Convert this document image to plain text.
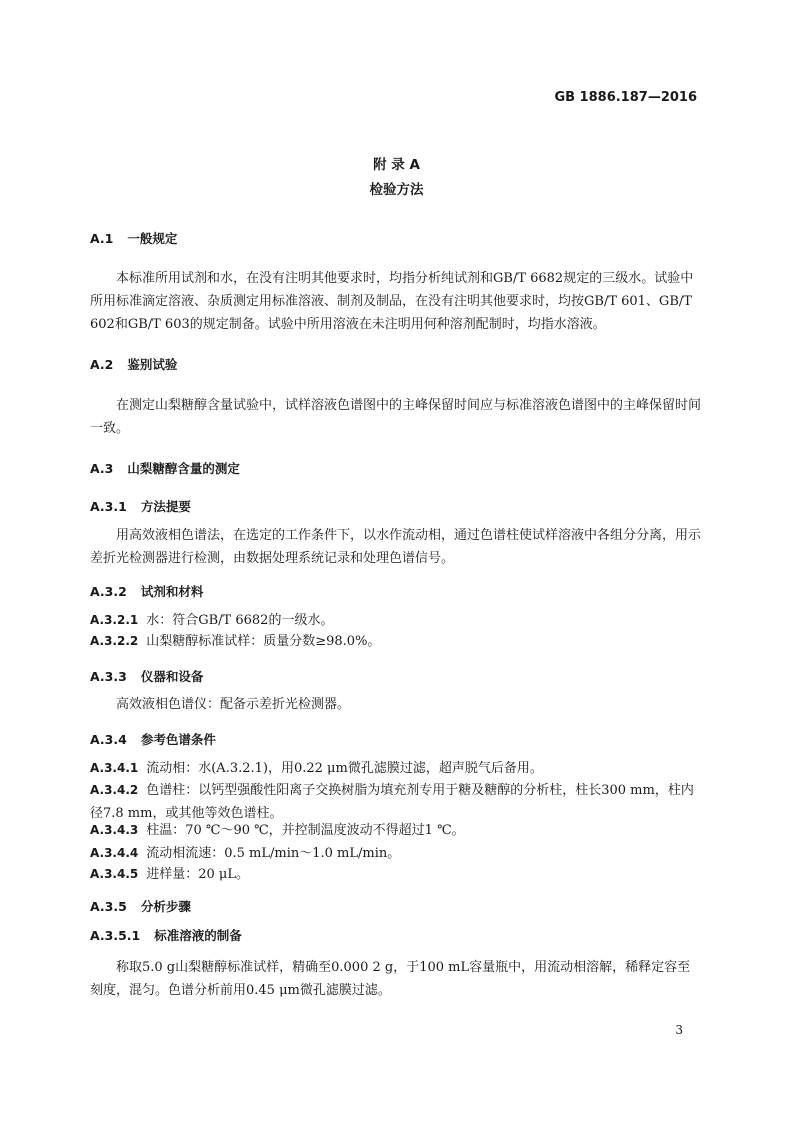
GB 1886.187—2016
附 录 A
检验方法
A.1 一般规定
本标准所用试剂和水，在没有注明其他要求时，均指分析纯试剂和GB/T 6682规定的三级水。试验中所用标准滴定溶液、杂质测定用标准溶液、制剂及制品，在没有注明其他要求时，均按GB/T 601、GB/T 602和GB/T 603的规定制备。试验中所用溶液在未注明用何种溶剂配制时，均指水溶液。
A.2 鉴别试验
在测定山梨糖醇含量试验中，试样溶液色谱图中的主峰保留时间应与标准溶液色谱图中的主峰保留时间一致。
A.3 山梨糖醇含量的测定
A.3.1 方法提要
用高效液相色谱法，在选定的工作条件下，以水作流动相，通过色谱柱使试样溶液中各组分分离，用示差折光检测器进行检测，由数据处理系统记录和处理色谱信号。
A.3.2 试剂和材料
A.3.2.1 水：符合GB/T 6682的一级水。
A.3.2.2 山梨糖醇标准试样：质量分数≥98.0%。
A.3.3 仪器和设备
高效液相色谱仪：配备示差折光检测器。
A.3.4 参考色谱条件
A.3.4.1 流动相：水(A.3.2.1)，用0.22 μm微孔滤膜过滤，超声脱气后备用。
A.3.4.2 色谱柱：以钙型强酸性阳离子交换树脂为填充剂专用于糖及糖醇的分析柱，柱长300 mm，柱内径7.8 mm，或其他等效色谱柱。
A.3.4.3 柱温：70 ℃～90 ℃，并控制温度波动不得超过1 ℃。
A.3.4.4 流动相流速：0.5 mL/min～1.0 mL/min。
A.3.4.5 进样量：20 μL。
A.3.5 分析步骤
A.3.5.1 标准溶液的制备
称取5.0 g山梨糖醇标准试样，精确至0.000 2 g，于100 mL容量瓶中，用流动相溶解，稀释定容至刻度，混匀。色谱分析前用0.45 μm微孔滤膜过滤。
3
